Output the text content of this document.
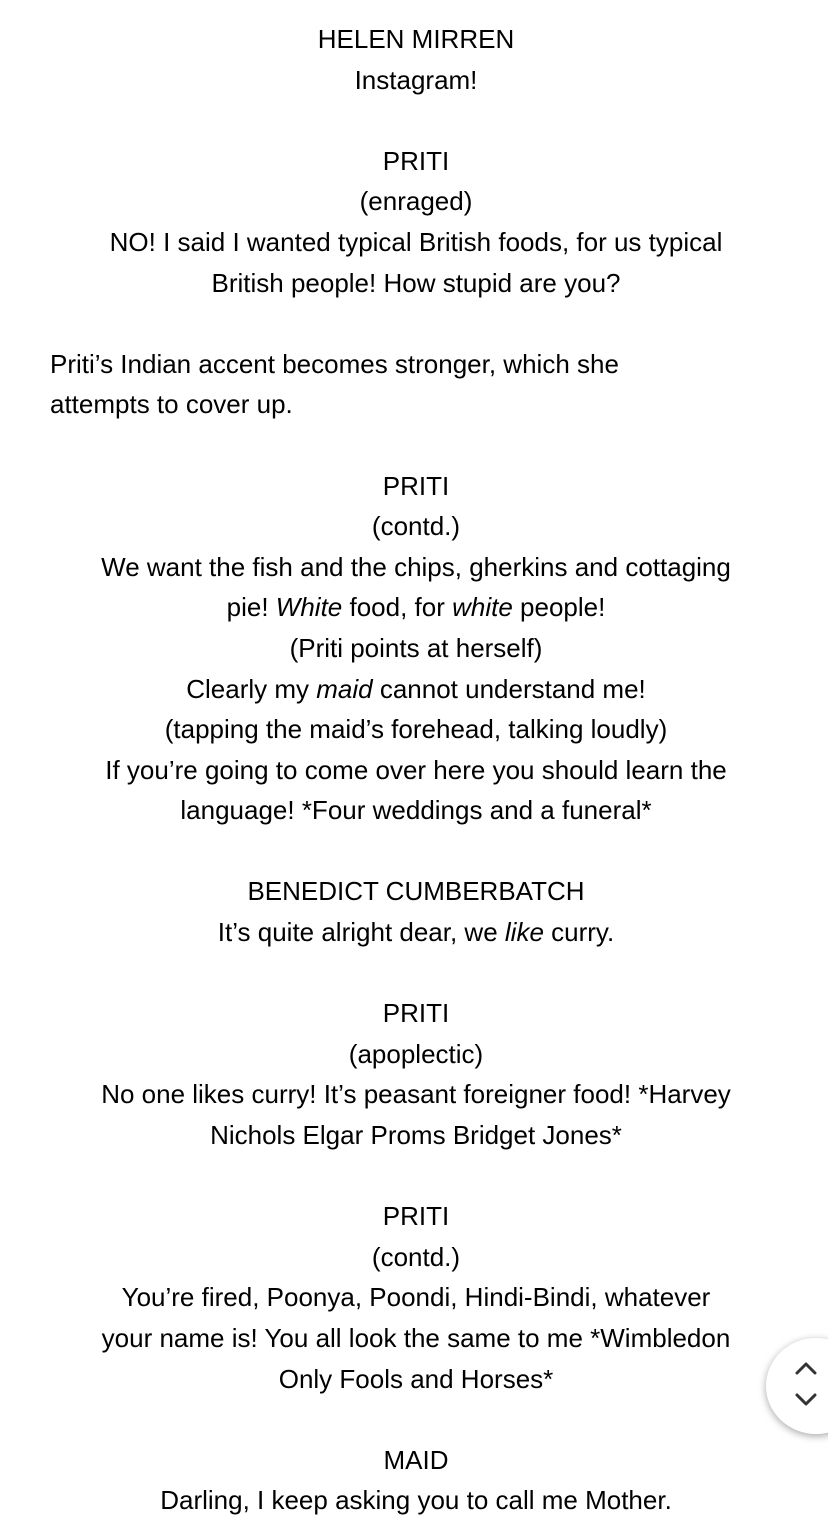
HELEN MIRREN
Instagram!
PRITI
(enraged)
NO! I said I wanted typical British foods, for us typical
British people! How stupid are you?
Priti’s Indian accent becomes stronger, which she
attempts to cover up.
PRITI
(contd.)
We want the fish and the chips, gherkins and cottaging
pie! White food, for white people!
(Priti points at herself)
Clearly my maid cannot understand me!
(tapping the maid’s forehead, talking loudly)
If you’re going to come over here you should learn the
language! *Four weddings and a funeral*
BENEDICT CUMBERBATCH
It’s quite alright dear, we like curry.
PRITI
(apoplectic)
No one likes curry! It’s peasant foreigner food! *Harvey
Nichols Elgar Proms Bridget Jones*
PRITI
(contd.)
You’re fired, Poonya, Poondi, Hindi-Bindi, whatever
your name is! You all look the same to me *Wimbledon
Only Fools and Horses*
MAID
Darling, I keep asking you to call me Mother.
